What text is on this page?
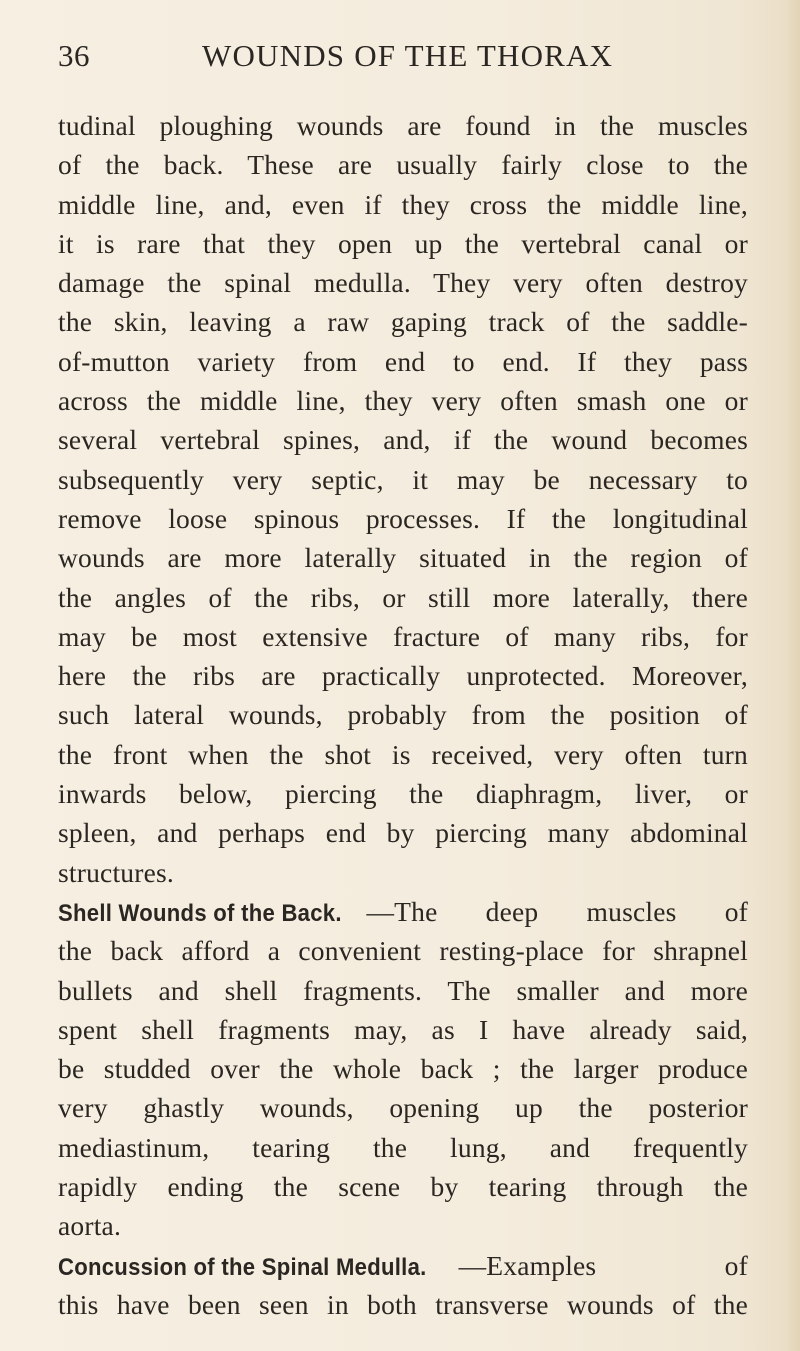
36	WOUNDS OF THE THORAX
tudinal ploughing wounds are found in the muscles
of the back. These are usually fairly close to the
middle line, and, even if they cross the middle line,
it is rare that they open up the vertebral canal or
damage the spinal medulla. They very often destroy
the skin, leaving a raw gaping track of the saddle-
of-mutton variety from end to end. If they pass
across the middle line, they very often smash one or
several vertebral spines, and, if the wound becomes
subsequently very septic, it may be necessary to
remove loose spinous processes. If the longitudinal
wounds are more laterally situated in the region of
the angles of the ribs, or still more laterally, there
may be most extensive fracture of many ribs, for
here the ribs are practically unprotected. Moreover,
such lateral wounds, probably from the position of
the front when the shot is received, very often turn
inwards below, piercing the diaphragm, liver, or
spleen, and perhaps end by piercing many abdominal
structures.
Shell Wounds of the Back. —The deep muscles of
the back afford a convenient resting-place for shrapnel
bullets and shell fragments. The smaller and more
spent shell fragments may, as I have already said,
be studded over the whole back ; the larger produce
very ghastly wounds, opening up the posterior
mediastinum, tearing the lung, and frequently
rapidly ending the scene by tearing through the
aorta.
Concussion of the Spinal Medulla. —Examples of
this have been seen in both transverse wounds of the
